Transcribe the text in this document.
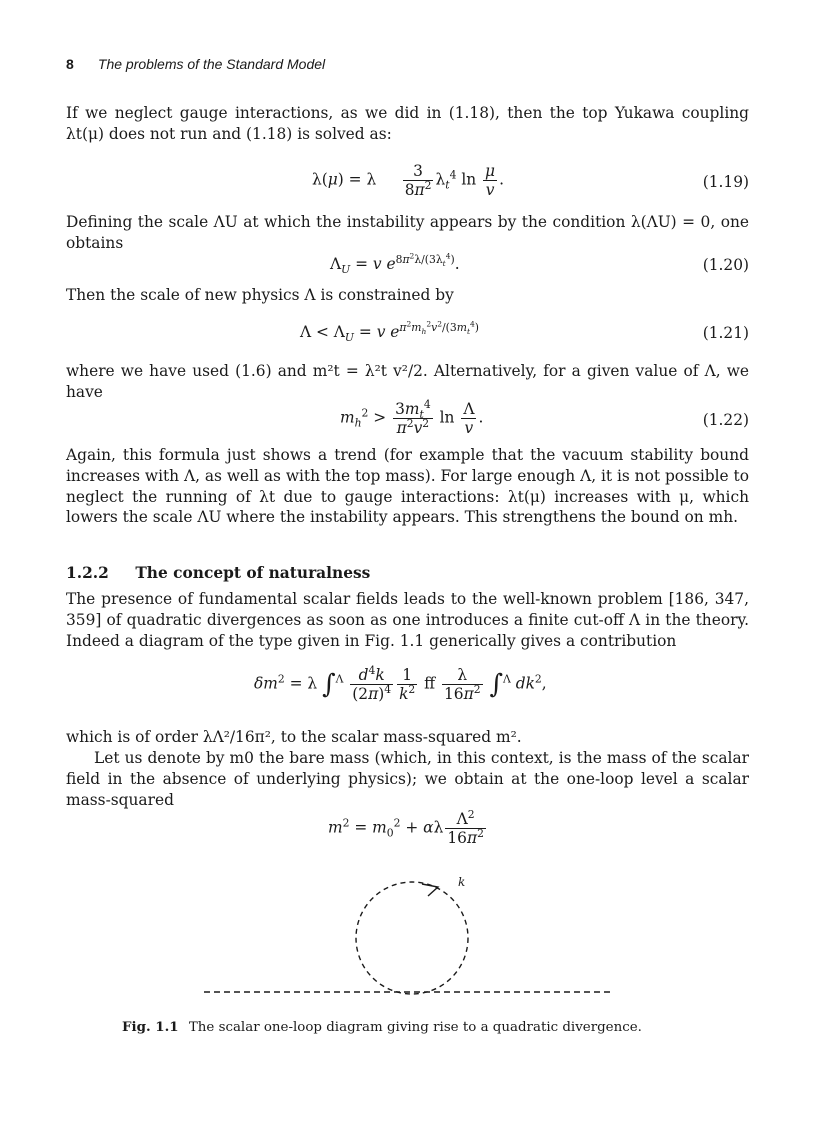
8 The problems of the Standard Model

If we neglect gauge interactions, as we did in (1.18), then the top Yukawa coupling λt(μ) does not run and (1.18) is solved as:

λ(μ) = λ $\frac{3}{8\pi^2} \lambda_t^4$ $\ln \frac{\mu}{v}$ .	(1.19)

Defining the scale ΛU at which the instability appears by the condition λ(ΛU) = 0, one obtains

$\Lambda_U = v$ $e^{8\pi^2\lambda/(3\lambda_t^4)}$.	(1.20)

Then the scale of new physics Λ is constrained by

$\Lambda < \Lambda_U = v$ $e^{\pi^2m_h^2v^2/(3m_t^4)}$	(1.21)

where we have used (1.6) and m²t = λ²t v²/2. Alternatively, for a given value of Λ, we have

$m_h^2 > \frac{3m_t^4}{\pi^2v^2}$ $\ln \frac{\Lambda}{v}$ .	(1.22)

Again, this formula just shows a trend (for example that the vacuum stability bound increases with Λ, as well as with the top mass). For large enough Λ, it is not possible to neglect the running of λt due to gauge interactions: λt(μ) increases with μ, which lowers the scale ΛU where the instability appears. This strengthens the bound on mh.

1.2.2 The concept of naturalness

The presence of fundamental scalar fields leads to the well-known problem [186, 347, 359] of quadratic divergences as soon as one introduces a finite cut-off Λ in the theory. Indeed a diagram of the type given in Fig. 1.1 generically gives a contribution

$\delta m^2 = \lambda$ $\int^\Lambda \frac{d^4k}{(2\pi)^4} \frac{1}{k^2}$ ff $\frac{\lambda}{16\pi^2} \int^\Lambda$ $dk^2$,

which is of order λΛ²/16π², to the scalar mass-squared m².

Let us denote by m0 the bare mass (which, in this context, is the mass of the scalar field in the absence of underlying physics); we obtain at the one-loop level a scalar mass-squared

$m^2 = m_0^2 + \alpha\lambda \frac{\Lambda^2}{16\pi^2}$
k
Fig. 1.1 The scalar one-loop diagram giving rise to a quadratic divergence.
